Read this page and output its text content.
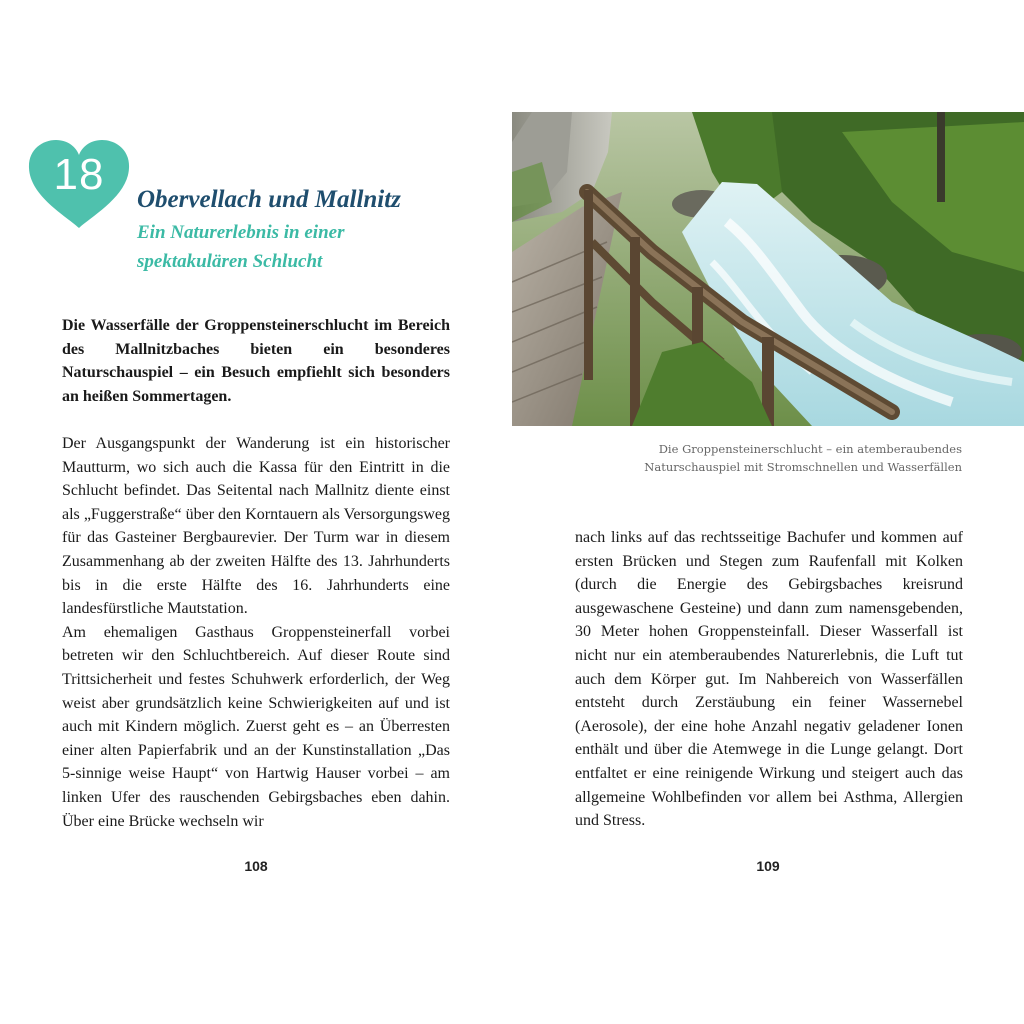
18
Obervellach und Mallnitz
Ein Naturerlebnis in einer
spektakulären Schlucht
Die Wasserfälle der Groppensteinerschlucht im Bereich des Mallnitzbaches bieten ein besonderes Naturschauspiel – ein Besuch empfiehlt sich besonders an heißen Sommertagen.

Der Ausgangspunkt der Wanderung ist ein historischer Mautturm, wo sich auch die Kassa für den Eintritt in die Schlucht befindet. Das Seitental nach Mallnitz diente einst als „Fuggerstraße“ über den Korntauern als Versorgungsweg für das Gasteiner Bergbaurevier. Der Turm war in diesem Zusammenhang ab der zweiten Hälfte des 13. Jahrhunderts bis in die erste Hälfte des 16. Jahrhunderts eine landesfürstliche Mautstation.

Am ehemaligen Gasthaus Groppensteinerfall vorbei betreten wir den Schluchtbereich. Auf dieser Route sind Trittsicherheit und festes Schuhwerk erforderlich, der Weg weist aber grundsätzlich keine Schwierigkeiten auf und ist auch mit Kindern möglich. Zuerst geht es – an Überresten einer alten Papierfabrik und an der Kunstinstallation „Das 5-sinnige weise Haupt“ von Hartwig Hauser vorbei – am linken Ufer des rauschenden Gebirgsbaches eben dahin. Über eine Brücke wechseln wir

108
Die Groppensteinerschlucht – ein atemberaubendes
Naturschauspiel mit Stromschnellen und Wasserfällen

nach links auf das rechtsseitige Bachufer und kommen auf ersten Brücken und Stegen zum Raufenfall mit Kolken (durch die Energie des Gebirgsbaches kreisrund ausgewaschene Gesteine) und dann zum namensgebenden, 30 Meter hohen Groppensteinfall. Dieser Wasserfall ist nicht nur ein atemberaubendes Naturerlebnis, die Luft tut auch dem Körper gut. Im Nahbereich von Wasserfällen entsteht durch Zerstäubung ein feiner Wassernebel (Aerosole), der eine hohe Anzahl negativ geladener Ionen enthält und über die Atemwege in die Lunge gelangt. Dort entfaltet er eine reinigende Wirkung und steigert auch das allgemeine Wohlbefinden vor allem bei Asthma, Allergien und Stress.

109
